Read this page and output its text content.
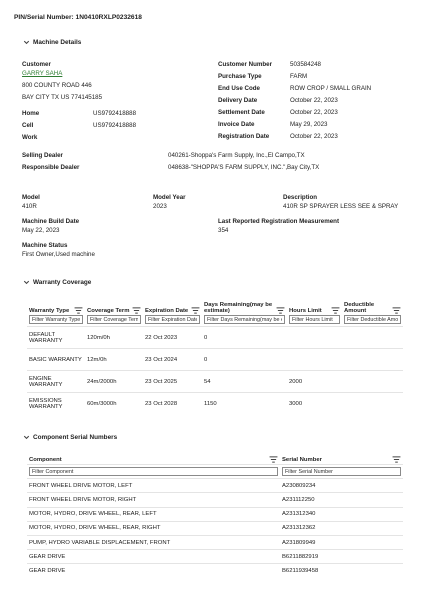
PIN/Serial Number: 1N0410RXLP0232618
Machine Details
Customer
GARRY SAHA
800 COUNTY ROAD 446
BAY CITY TX US 774145185
Home	US9792418888
Cell	US9792418888
Work
Customer Number	503584248
Purchase Type	FARM
End Use Code	ROW CROP / SMALL GRAIN
Delivery Date	October 22, 2023
Settlement Date	October 22, 2023
Invoice Date	May 29, 2023
Registration Date	October 22, 2023
Selling Dealer	040261-Shoppa's Farm Supply, Inc.,El Campo,TX
Responsible Dealer	048638-"SHOPPA'S FARM SUPPLY, INC.",Bay City,TX
Model
410R
Model Year
2023
Description
410R SP SPRAYER LESS SEE & SPRAY
Machine Build Date
May 22, 2023
Last Reported Registration Measurement
354
Machine Status
First Owner,Used machine
Warranty Coverage
Warranty Type	Coverage Term	Expiration Date	Days Remaining(may be estimate)	Hours Limit	Deductible Amount

Filter Warranty Type	Filter Coverage Term	Filter Expiration Date	Filter Days Remaining(may be e	Filter Hours Limit	Filter Deductible Amo
DEFAULT WARRANTY	120m/0h	22 Oct 2023	0		
BASIC WARRANTY	12m/0h	23 Oct 2024	0		
ENGINE WARRANTY	24m/2000h	23 Oct 2025	54	2000	
EMISSIONS WARRANTY	60m/3000h	23 Oct 2028	1150	3000	
Component Serial Numbers
Component	Serial Number

Filter Component	Filter Serial Number
FRONT WHEEL DRIVE MOTOR, LEFT	A230809234
FRONT WHEEL DRIVE MOTOR, RIGHT	A231112250
MOTOR, HYDRO, DRIVE WHEEL, REAR, LEFT	A231312340
MOTOR, HYDRO, DRIVE WHEEL, REAR, RIGHT	A231312362
PUMP, HYDRO VARIABLE DISPLACEMENT, FRONT	A231809949
GEAR DRIVE	B6211882919
GEAR DRIVE	B6211939458
